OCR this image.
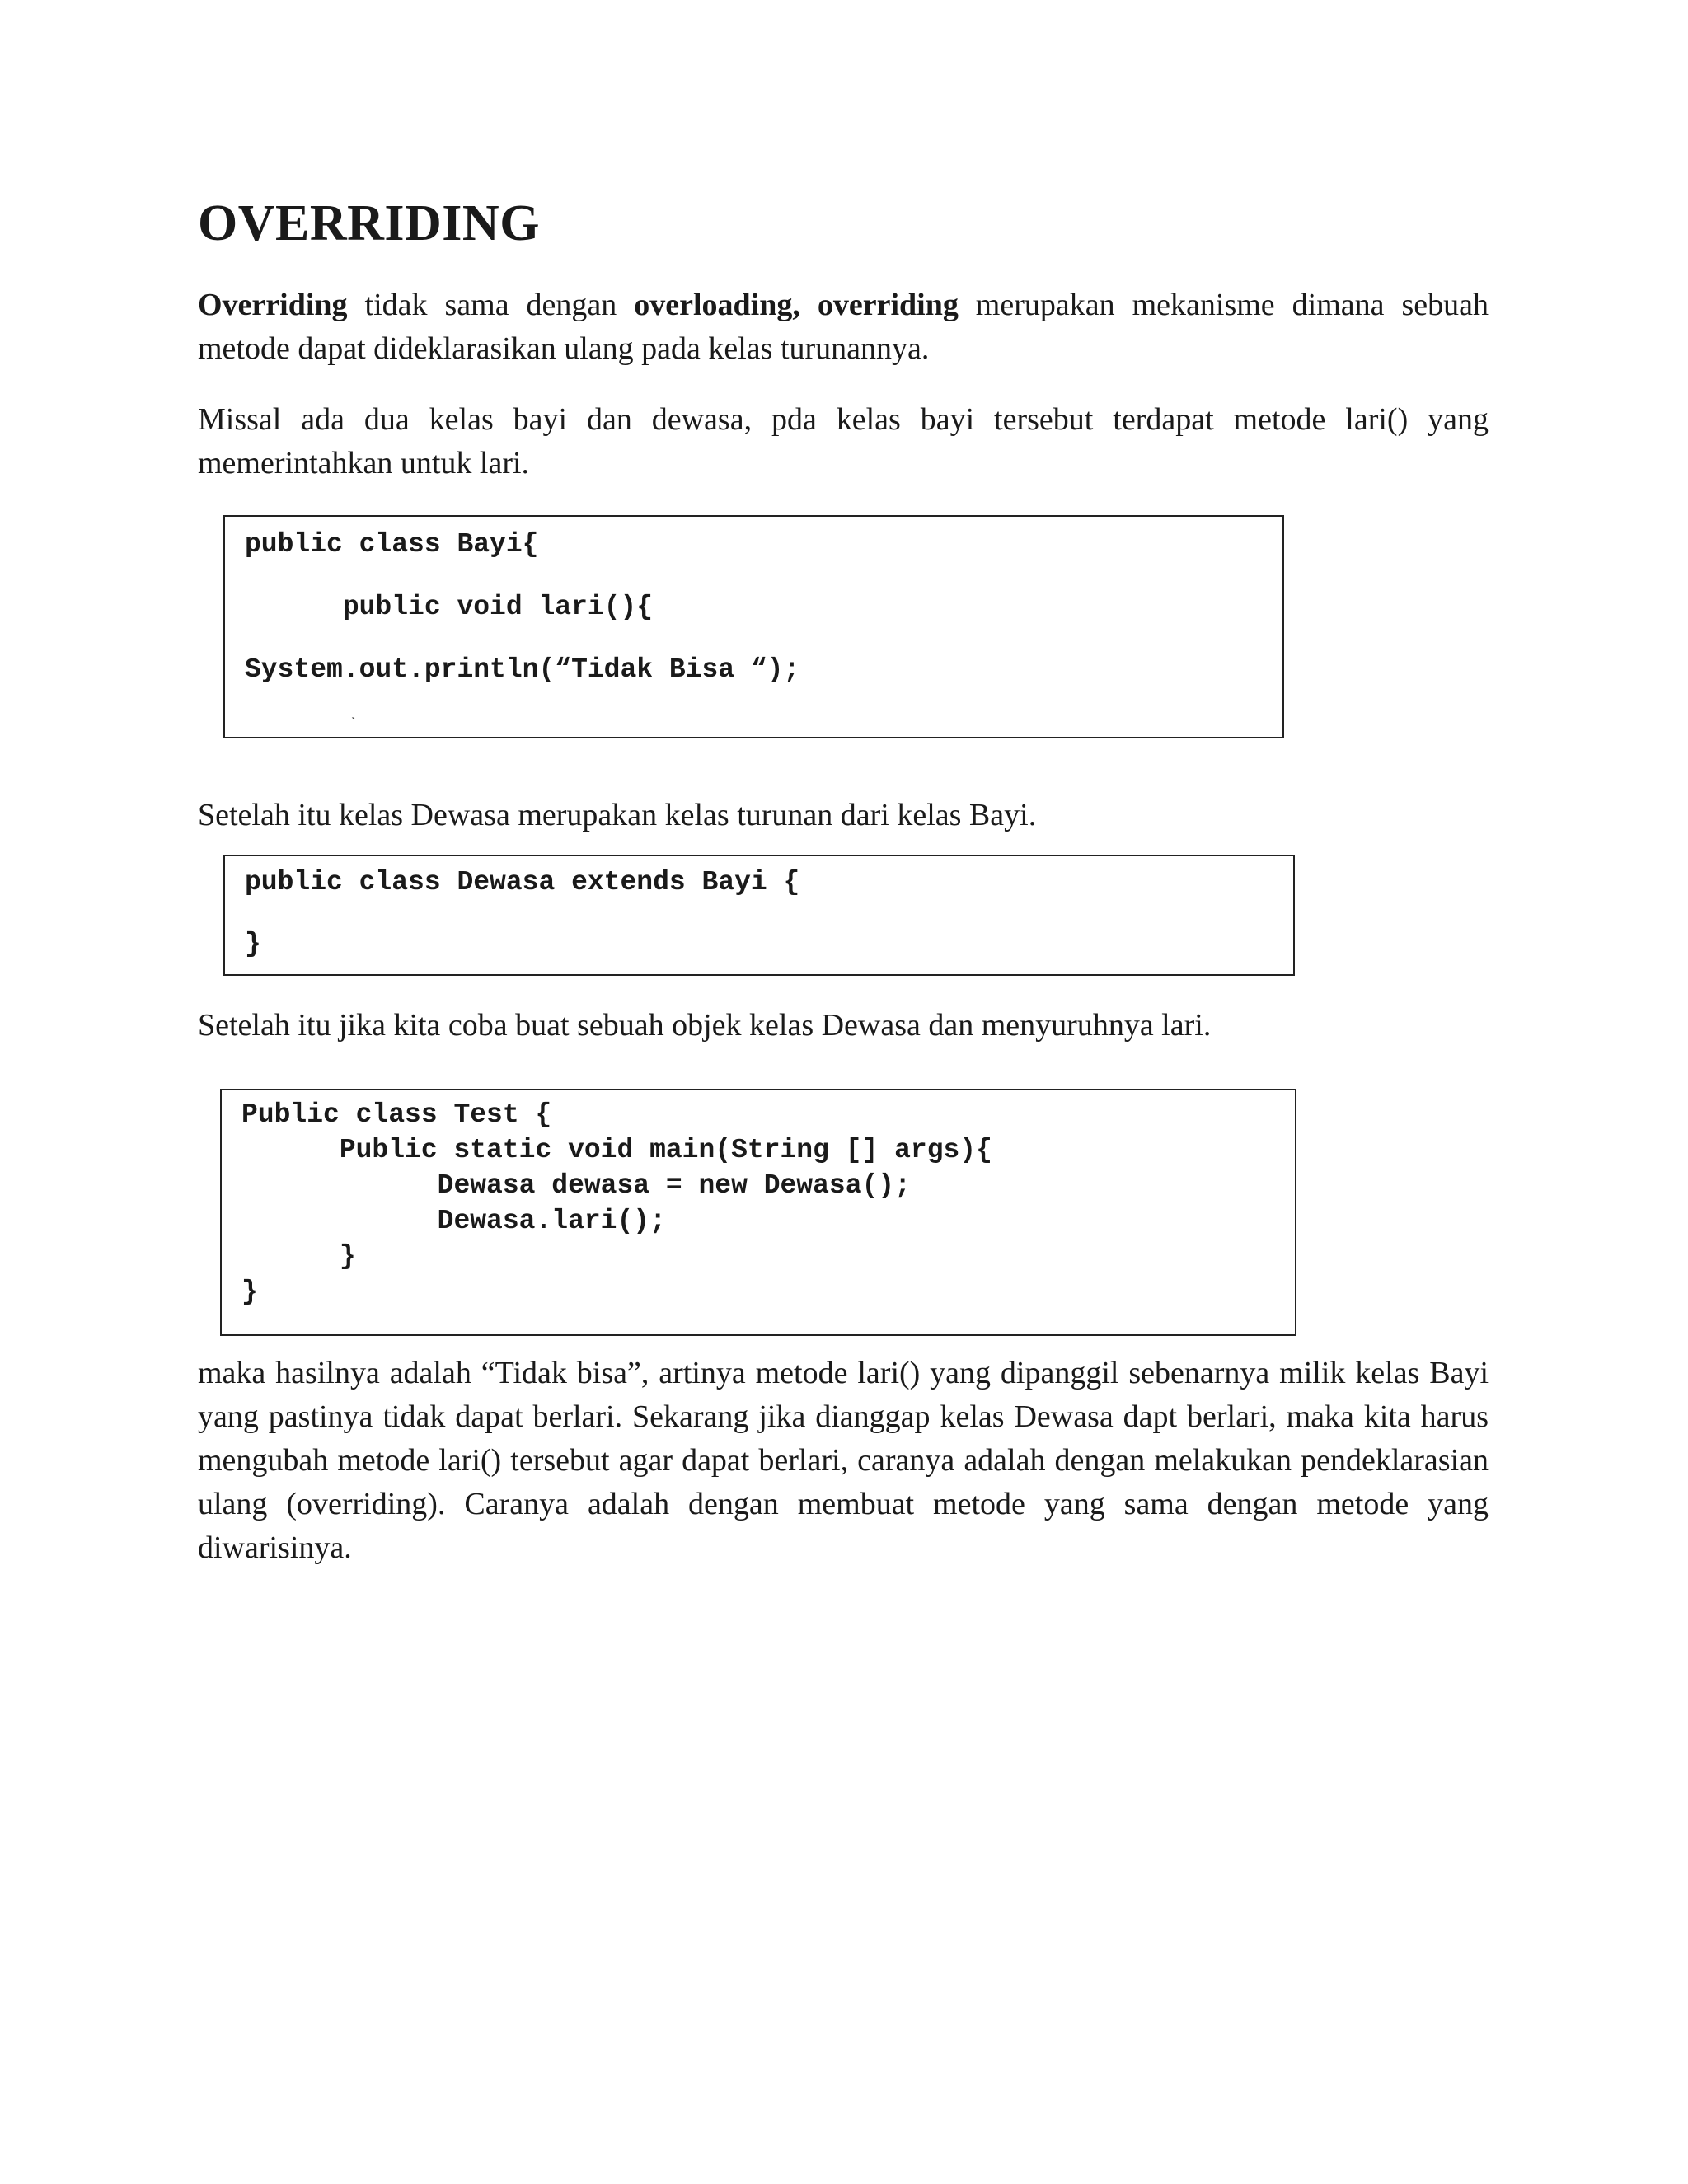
OVERRIDING

Overriding tidak sama dengan overloading, overriding merupakan mekanisme dimana sebuah metode dapat dideklarasikan ulang pada kelas turunannya.

Missal ada dua kelas bayi dan dewasa, pda kelas bayi tersebut terdapat metode lari() yang memerintahkan untuk lari.

public class Bayi{
public void lari(){
System.out.println(“Tidak Bisa “);
`

Setelah itu kelas Dewasa merupakan kelas turunan dari kelas Bayi.

public class Dewasa extends Bayi {
}

Setelah itu jika kita coba buat sebuah objek kelas Dewasa dan menyuruhnya lari.

Public class Test {
Public static void main(String [] args){
Dewasa dewasa = new Dewasa();
Dewasa.lari();
}
}

maka hasilnya adalah “Tidak bisa”, artinya metode lari() yang dipanggil sebenarnya milik kelas Bayi yang pastinya tidak dapat berlari. Sekarang jika dianggap kelas Dewasa dapt berlari, maka kita harus mengubah metode lari() tersebut agar dapat berlari, caranya adalah dengan melakukan pendeklarasian ulang (overriding). Caranya adalah dengan membuat metode yang sama dengan metode yang diwarisinya.
